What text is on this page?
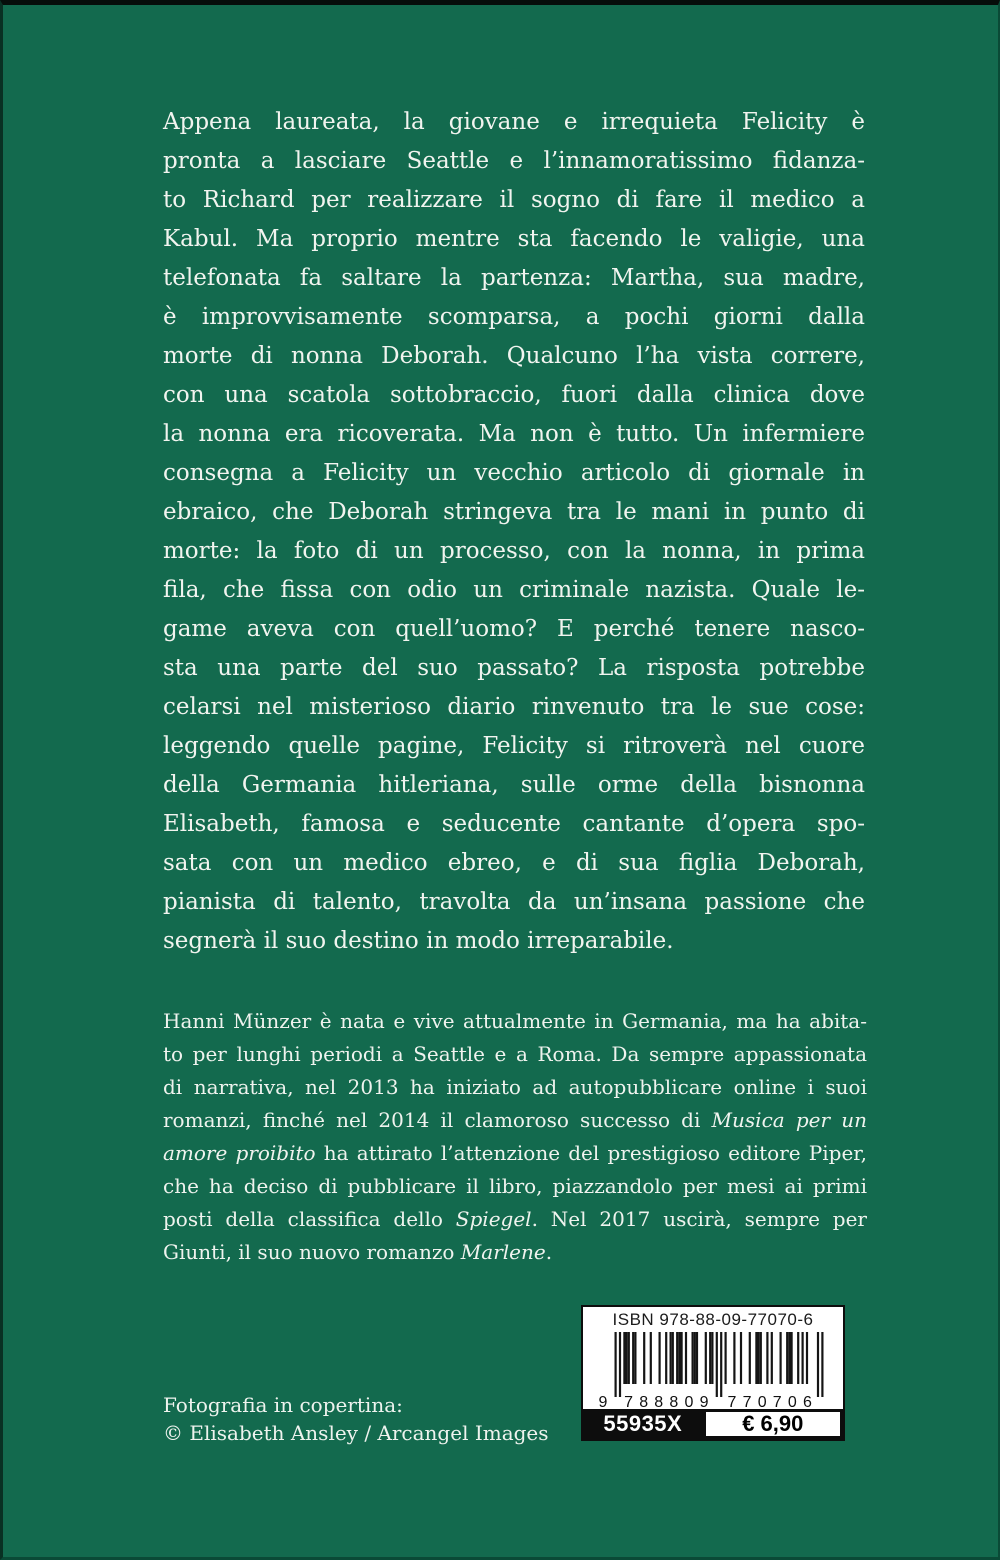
Appena laureata, la giovane e irrequieta Felicity è
pronta a lasciare Seattle e l’innamoratissimo fidanza-
to Richard per realizzare il sogno di fare il medico a
Kabul. Ma proprio mentre sta facendo le valigie, una
telefonata fa saltare la partenza: Martha, sua madre,
è improvvisamente scomparsa, a pochi giorni dalla
morte di nonna Deborah. Qualcuno l’ha vista correre,
con una scatola sottobraccio, fuori dalla clinica dove
la nonna era ricoverata. Ma non è tutto. Un infermiere
consegna a Felicity un vecchio articolo di giornale in
ebraico, che Deborah stringeva tra le mani in punto di
morte: la foto di un processo, con la nonna, in prima
fila, che fissa con odio un criminale nazista. Quale le-
game aveva con quell’uomo? E perché tenere nasco-
sta una parte del suo passato? La risposta potrebbe
celarsi nel misterioso diario rinvenuto tra le sue cose:
leggendo quelle pagine, Felicity si ritroverà nel cuore
della Germania hitleriana, sulle orme della bisnonna
Elisabeth, famosa e seducente cantante d’opera spo-
sata con un medico ebreo, e di sua figlia Deborah,
pianista di talento, travolta da un’insana passione che
segnerà il suo destino in modo irreparabile.
Hanni Münzer è nata e vive attualmente in Germania, ma ha abita-
to per lunghi periodi a Seattle e a Roma. Da sempre appassionata
di narrativa, nel 2013 ha iniziato ad autopubblicare online i suoi
romanzi, finché nel 2014 il clamoroso successo di Musica per un
amore proibito ha attirato l’attenzione del prestigioso editore Piper,
che ha deciso di pubblicare il libro, piazzandolo per mesi ai primi
posti della classifica dello Spiegel. Nel 2017 uscirà, sempre per
Giunti, il suo nuovo romanzo Marlene.
Fotografia in copertina:
© Elisabeth Ansley / Arcangel Images
ISBN 978-88-09-77070-6
9 788809 770706
55935X	€ 6,90
